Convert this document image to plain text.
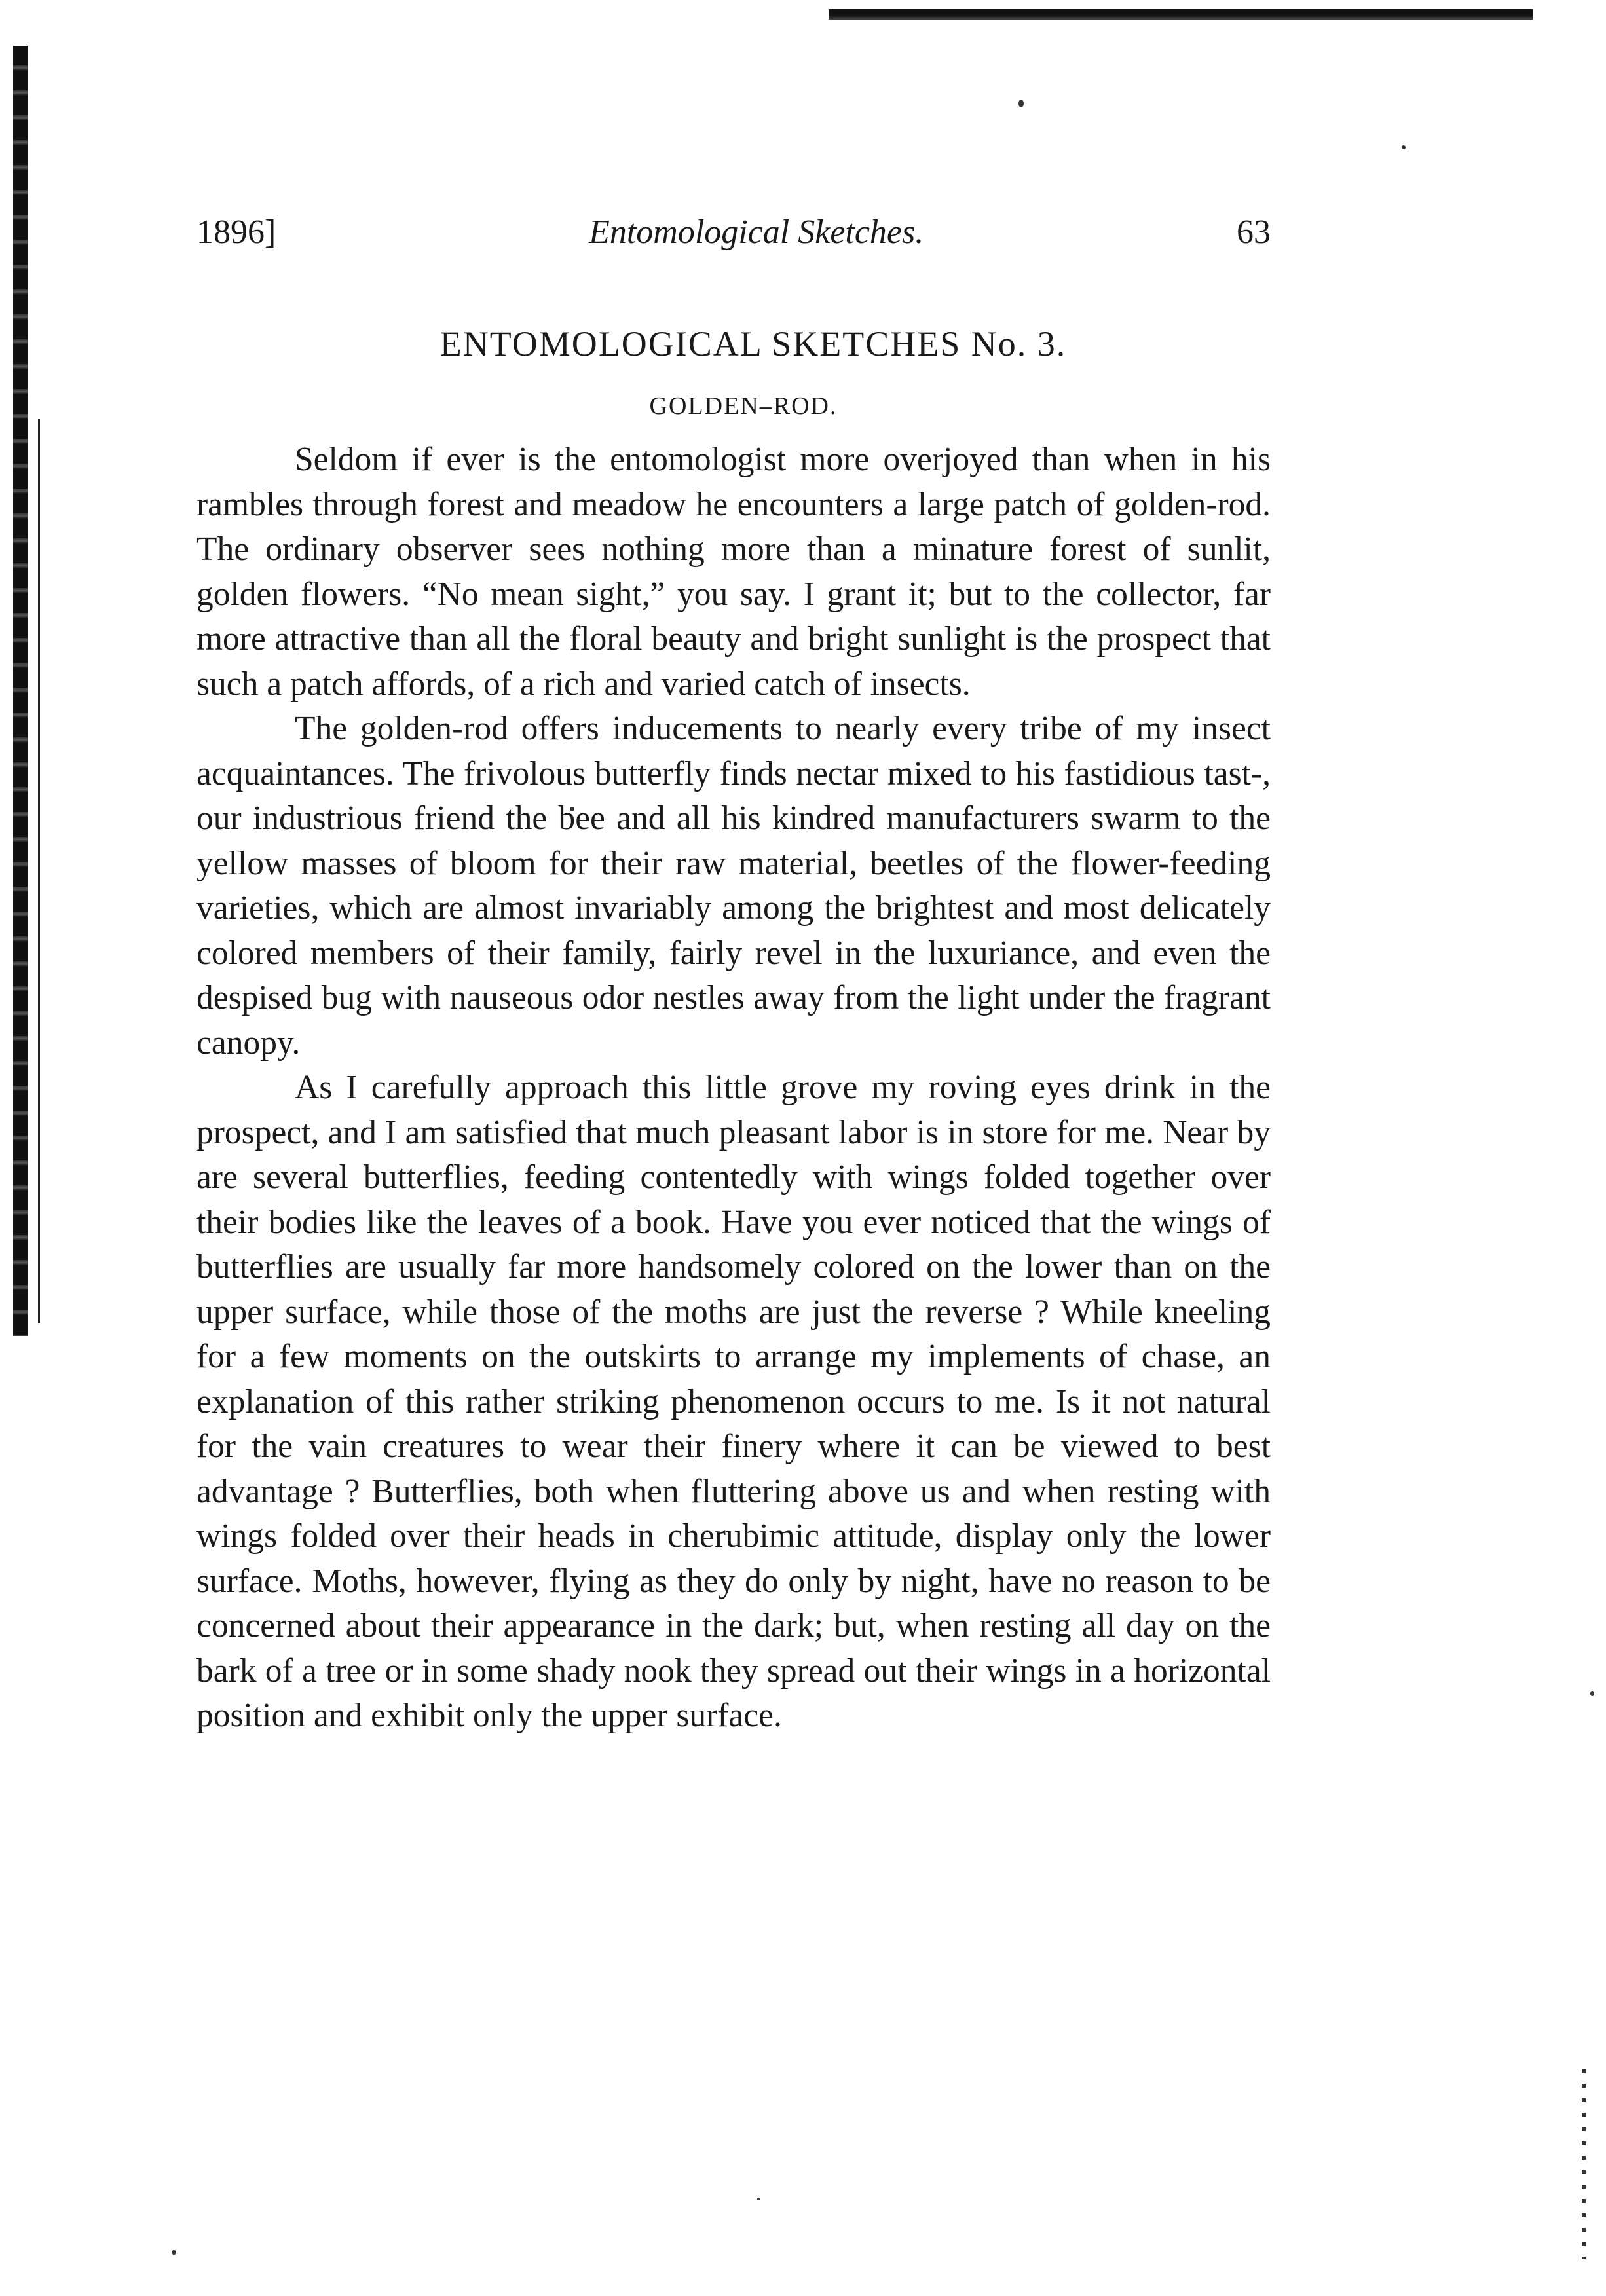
1896]	Entomological Sketches.	63
ENTOMOLOGICAL SKETCHES No. 3.
GOLDEN–ROD.

Seldom if ever is the entomologist more overjoyed than when in his rambles through forest and meadow he encounters a large patch of golden-rod. The ordinary observer sees nothing more than a minature forest of sunlit, golden flowers. “No mean sight,” you say. I grant it; but to the collector, far more attractive than all the floral beauty and bright sunlight is the prospect that such a patch affords, of a rich and varied catch of insects.

The golden-rod offers inducements to nearly every tribe of my insect acquaintances. The frivolous butterfly finds nectar mixed to his fastidious tast‑, our industrious friend the bee and all his kindred manufacturers swarm to the yellow masses of bloom for their raw material, beetles of the flower-feeding varieties, which are almost invariably among the brightest and most delicately colored members of their family, fairly revel in the luxuriance, and even the despised bug with nauseous odor nestles away from the light under the fragrant canopy.

As I carefully approach this little grove my roving eyes drink in the prospect, and I am satisfied that much pleasant labor is in store for me. Near by are several butterflies, feeding contentedly with wings folded together over their bodies like the leaves of a book. Have you ever noticed that the wings of butterflies are usually far more handsomely colored on the lower than on the upper surface, while those of the moths are just the reverse ? While kneeling for a few moments on the outskirts to arrange my implements of chase, an explanation of this rather striking phenomenon occurs to me. Is it not natural for the vain creatures to wear their finery where it can be viewed to best advantage ? Butterflies, both when fluttering above us and when resting with wings folded over their heads in cherubimic attitude, display only the lower surface. Moths, however, flying as they do only by night, have no reason to be concerned about their appearance in the dark; but, when resting all day on the bark of a tree or in some shady nook they spread out their wings in a horizontal position and exhibit only the upper surface.
